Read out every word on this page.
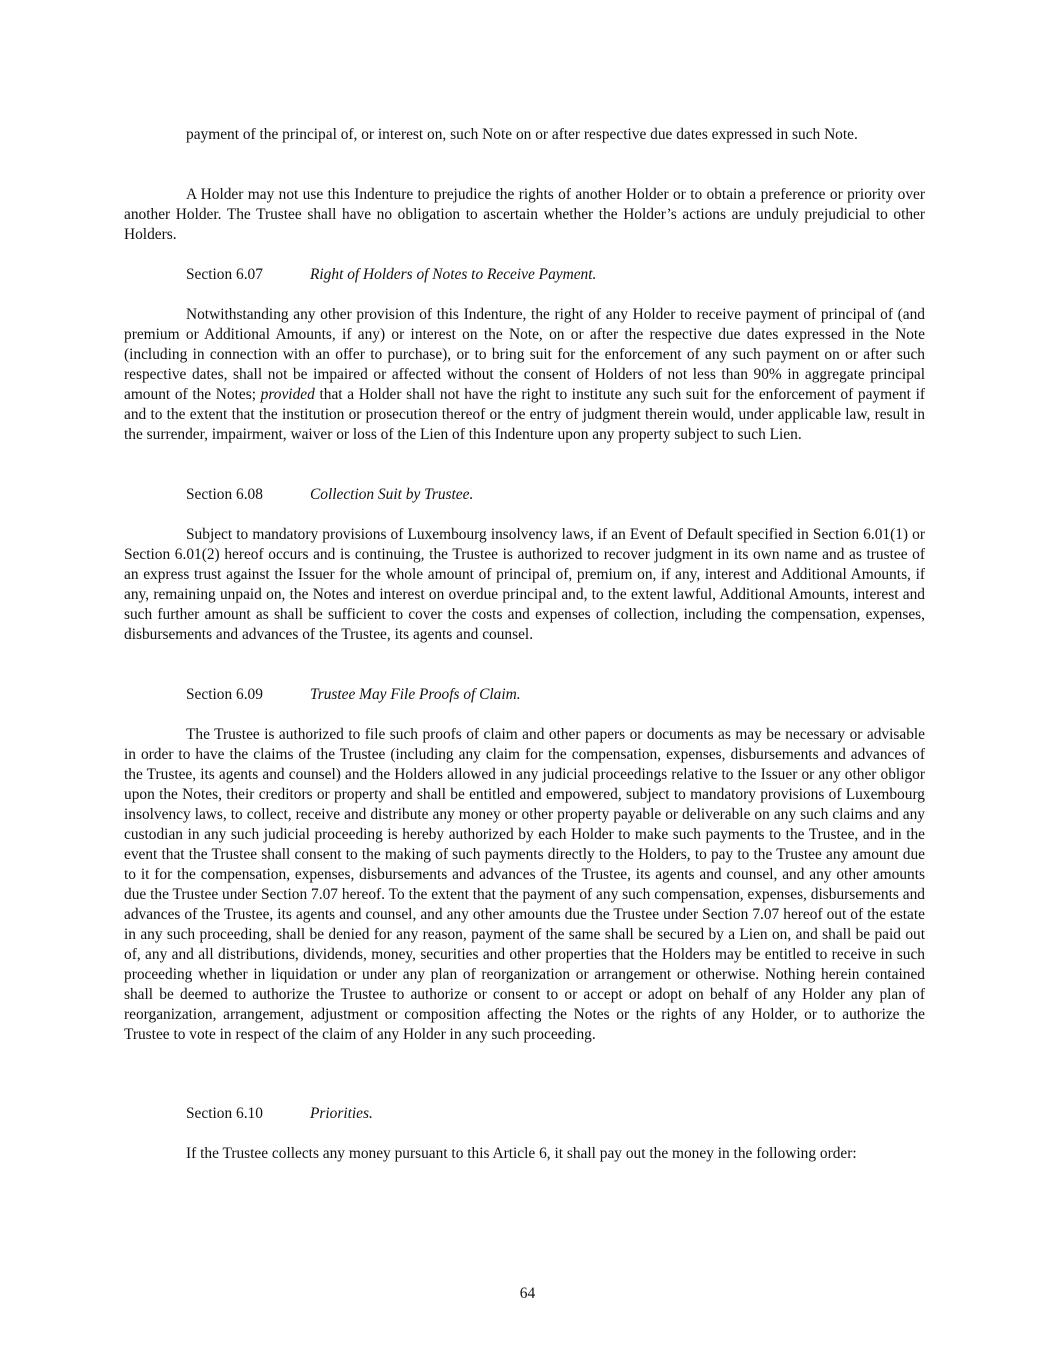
payment of the principal of, or interest on, such Note on or after respective due dates expressed in such Note.

A Holder may not use this Indenture to prejudice the rights of another Holder or to obtain a preference or priority over another Holder. The Trustee shall have no obligation to ascertain whether the Holder’s actions are unduly prejudicial to other Holders.

Section 6.07	Right of Holders of Notes to Receive Payment.

Notwithstanding any other provision of this Indenture, the right of any Holder to receive payment of principal of (and premium or Additional Amounts, if any) or interest on the Note, on or after the respective due dates expressed in the Note (including in connection with an offer to purchase), or to bring suit for the enforcement of any such payment on or after such respective dates, shall not be impaired or affected without the consent of Holders of not less than 90% in aggregate principal amount of the Notes; provided that a Holder shall not have the right to institute any such suit for the enforcement of payment if and to the extent that the institution or prosecution thereof or the entry of judgment therein would, under applicable law, result in the surrender, impairment, waiver or loss of the Lien of this Indenture upon any property subject to such Lien.

Section 6.08	Collection Suit by Trustee.

Subject to mandatory provisions of Luxembourg insolvency laws, if an Event of Default specified in Section 6.01(1) or Section 6.01(2) hereof occurs and is continuing, the Trustee is authorized to recover judgment in its own name and as trustee of an express trust against the Issuer for the whole amount of principal of, premium on, if any, interest and Additional Amounts, if any, remaining unpaid on, the Notes and interest on overdue principal and, to the extent lawful, Additional Amounts, interest and such further amount as shall be sufficient to cover the costs and expenses of collection, including the compensation, expenses, disbursements and advances of the Trustee, its agents and counsel.

Section 6.09	Trustee May File Proofs of Claim.

The Trustee is authorized to file such proofs of claim and other papers or documents as may be necessary or advisable in order to have the claims of the Trustee (including any claim for the compensation, expenses, disbursements and advances of the Trustee, its agents and counsel) and the Holders allowed in any judicial proceedings relative to the Issuer or any other obligor upon the Notes, their creditors or property and shall be entitled and empowered, subject to mandatory provisions of Luxembourg insolvency laws, to collect, receive and distribute any money or other property payable or deliverable on any such claims and any custodian in any such judicial proceeding is hereby authorized by each Holder to make such payments to the Trustee, and in the event that the Trustee shall consent to the making of such payments directly to the Holders, to pay to the Trustee any amount due to it for the compensation, expenses, disbursements and advances of the Trustee, its agents and counsel, and any other amounts due the Trustee under Section 7.07 hereof. To the extent that the payment of any such compensation, expenses, disbursements and advances of the Trustee, its agents and counsel, and any other amounts due the Trustee under Section 7.07 hereof out of the estate in any such proceeding, shall be denied for any reason, payment of the same shall be secured by a Lien on, and shall be paid out of, any and all distributions, dividends, money, securities and other properties that the Holders may be entitled to receive in such proceeding whether in liquidation or under any plan of reorganization or arrangement or otherwise. Nothing herein contained shall be deemed to authorize the Trustee to authorize or consent to or accept or adopt on behalf of any Holder any plan of reorganization, arrangement, adjustment or composition affecting the Notes or the rights of any Holder, or to authorize the Trustee to vote in respect of the claim of any Holder in any such proceeding.

Section 6.10	Priorities.

If the Trustee collects any money pursuant to this Article 6, it shall pay out the money in the following order:

64
